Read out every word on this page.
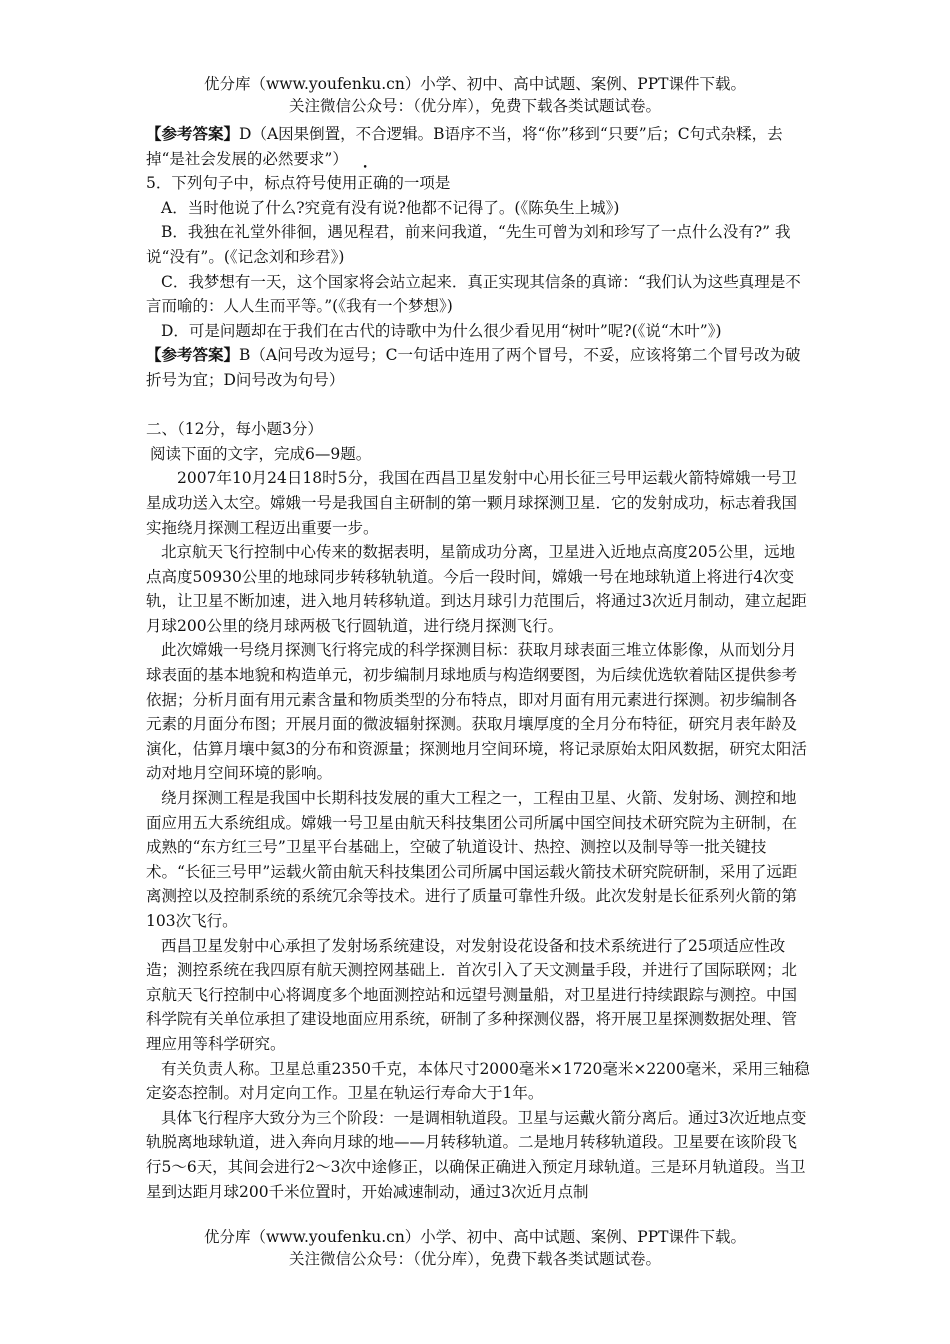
优分库（www.youfenku.cn）小学、初中、高中试题、案例、PPT课件下载。
关注微信公众号：（优分库），免费下载各类试题试卷。

【参考答案】D（A因果倒置，不合逻辑。B语序不当，将“你”移到“只要”后；C句式杂糅，去掉“是社会发展的必然要求”）

5．下列句子中，标点符号使用正确的一项是

A．当时他说了什么?究竟有没有说?他都不记得了。(《陈奂生上城》)

B．我独在礼堂外徘徊，遇见程君，前来问我道，“先生可曾为刘和珍写了一点什么没有?” 我说“没有”。(《记念刘和珍君》)

C．我梦想有一天，这个国家将会站立起来．真正实现其信条的真谛：“我们认为这些真理是不言而喻的：人人生而平等。”(《我有一个梦想》)

D．可是问题却在于我们在古代的诗歌中为什么很少看见用“树叶”呢?(《说“木叶”》)

【参考答案】B（A问号改为逗号；C一句话中连用了两个冒号，不妥，应该将第二个冒号改为破折号为宜；D问号改为句号）

二、（12分，每小题3分）

阅读下面的文字，完成6—9题。

2007年10月24日18时5分，我国在西昌卫星发射中心用长征三号甲运载火箭特嫦娥一号卫星成功送入太空。嫦娥一号是我国自主研制的第一颗月球探测卫星．它的发射成功，标志着我国实拖绕月探测工程迈出重要一步。

北京航天飞行控制中心传来的数据表明，星箭成功分离，卫星进入近地点高度205公里，远地点高度50930公里的地球同步转移轨轨道。今后一段时间，嫦娥一号在地球轨道上将进行4次变轨，让卫星不断加速，进入地月转移轨道。到达月球引力范围后，将通过3次近月制动，建立起距月球200公里的绕月球两极飞行圆轨道，进行绕月探测飞行。

此次嫦娥一号绕月探测飞行将完成的科学探测目标：获取月球表面三堆立体影像，从而划分月球表面的基本地貌和构造单元，初步编制月球地质与构造纲要图，为后续优选软着陆区提供参考依据；分析月面有用元素含量和物质类型的分布特点，即对月面有用元素进行探测。初步编制各元素的月面分布图；开展月面的微波辐射探测。获取月壤厚度的全月分布特征，研究月表年龄及演化，估算月壤中氦3的分布和资源量；探测地月空间环境，将记录原始太阳风数据，研究太阳活动对地月空间环境的影响。

绕月探测工程是我国中长期科技发展的重大工程之一，工程由卫星、火箭、发射场、测控和地面应用五大系统组成。嫦娥一号卫星由航天科技集团公司所属中国空间技术研究院为主研制，在成熟的“东方红三号”卫星平台基础上，空破了轨道设计、热控、测控以及制导等一批关键技术。“长征三号甲”运载火箭由航天科技集团公司所属中国运载火箭技术研究院研制，采用了远距离测控以及控制系统的系统冗余等技术。进行了质量可靠性升级。此次发射是长征系列火箭的第103次飞行。

西昌卫星发射中心承担了发射场系统建设，对发射设花设备和技术系统进行了25项适应性改造；测控系统在我四原有航天测控网基础上．首次引入了天文测量手段，并进行了国际联网；北京航天飞行控制中心将调度多个地面测控站和远望号测量船，对卫星进行持续跟踪与测控。中国科学院有关单位承担了建设地面应用系统，研制了多种探测仪器，将开展卫星探测数据处理、管理应用等科学研究。

有关负责人称。卫星总重2350千克，本体尺寸2000毫米×1720毫米×2200毫米，采用三轴稳定姿态控制。对月定向工作。卫星在轨运行寿命大于1年。

具体飞行程序大致分为三个阶段：一是调相轨道段。卫星与运戴火箭分离后。通过3次近地点变轨脱离地球轨道，进入奔向月球的地——月转移轨道。二是地月转移轨道段。卫星要在该阶段飞行5～6天，其间会进行2～3次中途修正，以确保正确进入预定月球轨道。三是环月轨道段。当卫星到达距月球200千米位置时，开始减速制动，通过3次近月点制

优分库（www.youfenku.cn）小学、初中、高中试题、案例、PPT课件下载。
关注微信公众号：（优分库），免费下载各类试题试卷。
